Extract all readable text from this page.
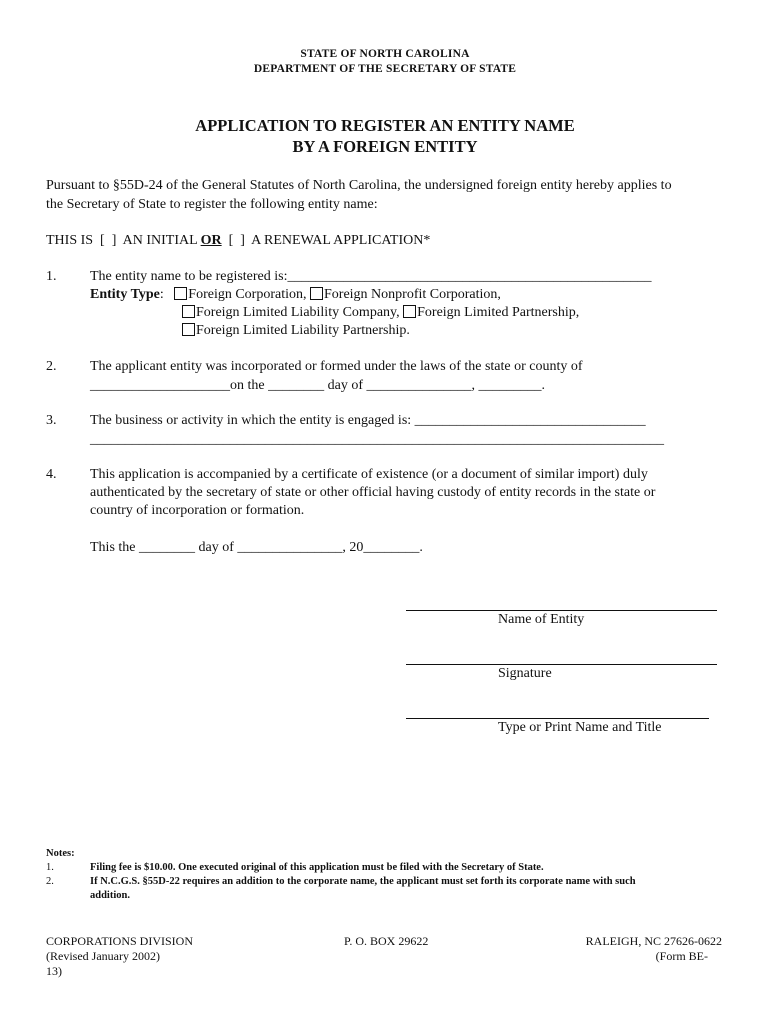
STATE OF NORTH CAROLINA
DEPARTMENT OF THE SECRETARY OF STATE
APPLICATION TO REGISTER AN ENTITY NAME
BY A FOREIGN ENTITY
Pursuant to §55D-24 of the General Statutes of North Carolina, the undersigned foreign entity hereby applies to
the Secretary of State to register the following entity name:
THIS IS  [  ]  AN INITIAL OR  [  ]  A RENEWAL APPLICATION*
1. The entity name to be registered is:____________________________________________________
Entity Type: Foreign Corporation, Foreign Nonprofit Corporation,
Foreign Limited Liability Company, Foreign Limited Partnership,
Foreign Limited Liability Partnership.
2. The applicant entity was incorporated or formed under the laws of the state or county of
____________________on the ________ day of _______________, _________.
3. The business or activity in which the entity is engaged is: _________________________________
__________________________________________________________________________________
4. This application is accompanied by a certificate of existence (or a document of similar import) duly
authenticated by the secretary of state or other official having custody of entity records in the state or
country of incorporation or formation.
This the ________ day of _______________, 20________.
Name of Entity
Signature
Type or Print Name and Title
Notes:
1.	Filing fee is $10.00. One executed original of this application must be filed with the Secretary of State.
2.	If N.C.G.S. §55D-22 requires an addition to the corporate name, the applicant must set forth its corporate name with such
addition.
CORPORATIONS DIVISION	P. O. BOX 29622	RALEIGH, NC 27626-0622
(Revised January 2002)	(Form BE-
13)
